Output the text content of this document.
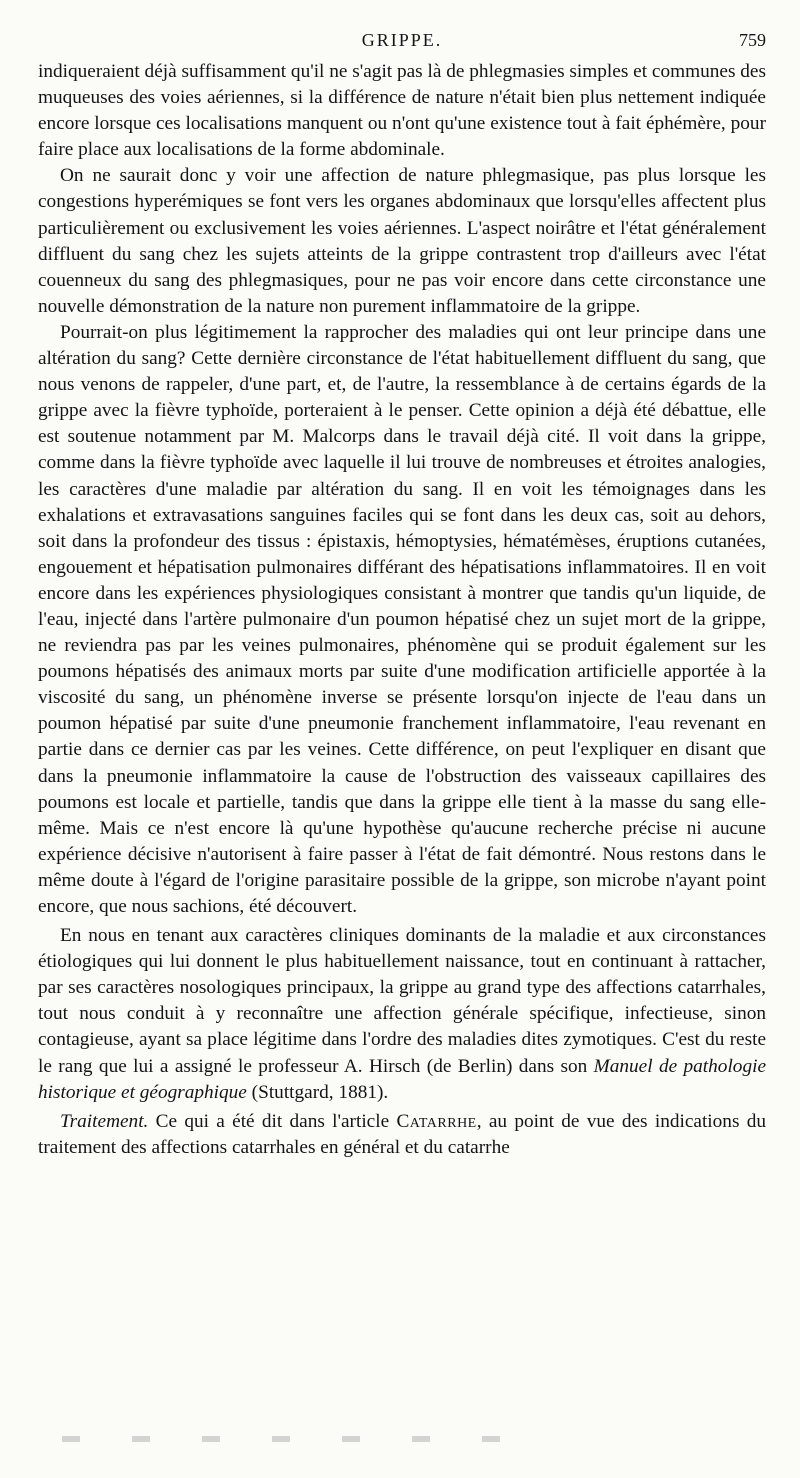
GRIPPE.	759

indiqueraient déjà suffisamment qu'il ne s'agit pas là de phlegmasies simples et communes des muqueuses des voies aériennes, si la différence de nature n'était bien plus nettement indiquée encore lorsque ces localisations manquent ou n'ont qu'une existence tout à fait éphémère, pour faire place aux localisations de la forme abdominale.

On ne saurait donc y voir une affection de nature phlegmasique, pas plus lorsque les congestions hyperémiques se font vers les organes abdominaux que lorsqu'elles affectent plus particulièrement ou exclusivement les voies aériennes. L'aspect noirâtre et l'état généralement diffluent du sang chez les sujets atteints de la grippe contrastent trop d'ailleurs avec l'état couenneux du sang des phlegmasiques, pour ne pas voir encore dans cette circonstance une nouvelle démonstration de la nature non purement inflammatoire de la grippe.

Pourrait-on plus légitimement la rapprocher des maladies qui ont leur principe dans une altération du sang? Cette dernière circonstance de l'état habituellement diffluent du sang, que nous venons de rappeler, d'une part, et, de l'autre, la ressemblance à de certains égards de la grippe avec la fièvre typhoïde, porteraient à le penser. Cette opinion a déjà été débattue, elle est soutenue notamment par M. Malcorps dans le travail déjà cité. Il voit dans la grippe, comme dans la fièvre typhoïde avec laquelle il lui trouve de nombreuses et étroites analogies, les caractères d'une maladie par altération du sang. Il en voit les témoignages dans les exhalations et extravasations sanguines faciles qui se font dans les deux cas, soit au dehors, soit dans la profondeur des tissus : épistaxis, hémoptysies, hématémèses, éruptions cutanées, engouement et hépatisation pulmonaires différant des hépatisations inflammatoires. Il en voit encore dans les expériences physiologiques consistant à montrer que tandis qu'un liquide, de l'eau, injecté dans l'artère pulmonaire d'un poumon hépatisé chez un sujet mort de la grippe, ne reviendra pas par les veines pulmonaires, phénomène qui se produit également sur les poumons hépatisés des animaux morts par suite d'une modification artificielle apportée à la viscosité du sang, un phénomène inverse se présente lorsqu'on injecte de l'eau dans un poumon hépatisé par suite d'une pneumonie franchement inflammatoire, l'eau revenant en partie dans ce dernier cas par les veines. Cette différence, on peut l'expliquer en disant que dans la pneumonie inflammatoire la cause de l'obstruction des vaisseaux capillaires des poumons est locale et partielle, tandis que dans la grippe elle tient à la masse du sang elle-même. Mais ce n'est encore là qu'une hypothèse qu'aucune recherche précise ni aucune expérience décisive n'autorisent à faire passer à l'état de fait démontré. Nous restons dans le même doute à l'égard de l'origine parasitaire possible de la grippe, son microbe n'ayant point encore, que nous sachions, été découvert.

En nous en tenant aux caractères cliniques dominants de la maladie et aux circonstances étiologiques qui lui donnent le plus habituellement naissance, tout en continuant à rattacher, par ses caractères nosologiques principaux, la grippe au grand type des affections catarrhales, tout nous conduit à y reconnaître une affection générale spécifique, infectieuse, sinon contagieuse, ayant sa place légitime dans l'ordre des maladies dites zymotiques. C'est du reste le rang que lui a assigné le professeur A. Hirsch (de Berlin) dans son Manuel de pathologie historique et géographique (Stuttgard, 1881).

Traitement. Ce qui a été dit dans l'article Catarrhe, au point de vue des indications du traitement des affections catarrhales en général et du catarrhe
